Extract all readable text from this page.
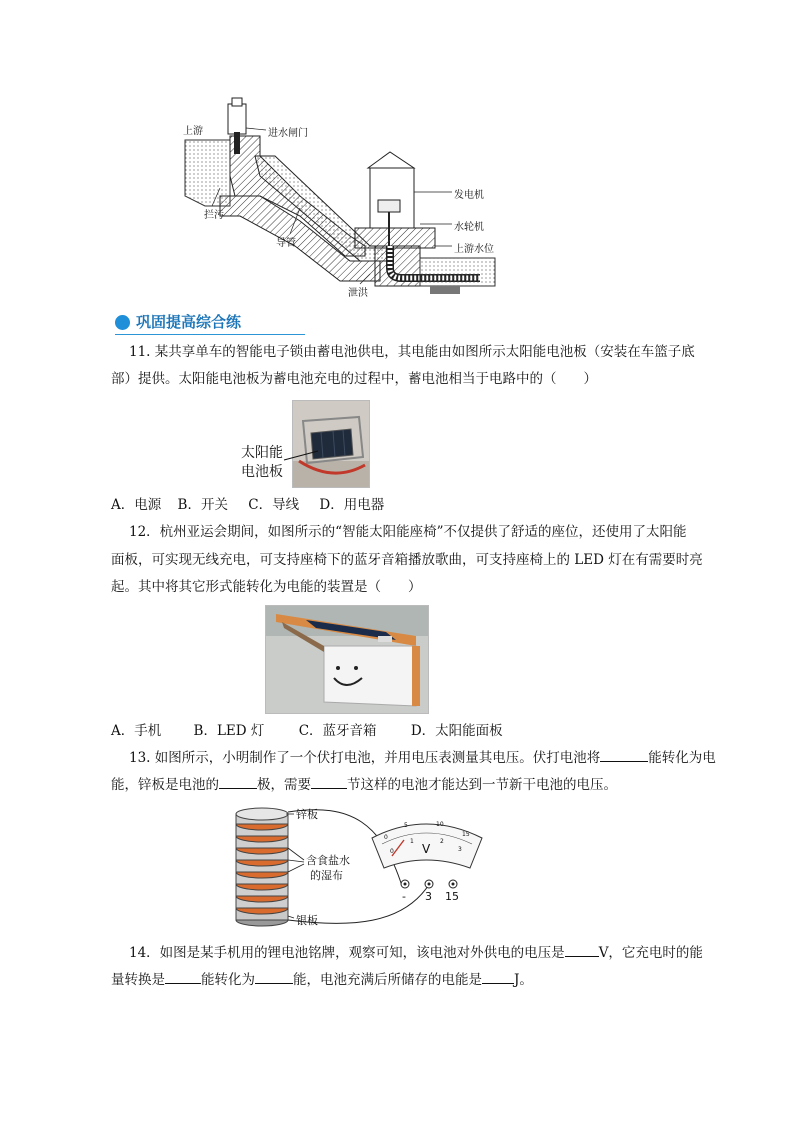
上游	进水闸门
拦污
导管
发电机
水轮机
上游水位
泄洪
巩固提高综合练
11. 某共享单车的智能电子锁由蓄电池供电，其电能由如图所示太阳能电池板（安装在车篮子底
部）提供。太阳能电池板为蓄电池充电的过程中，蓄电池相当于电路中的（　　）
太阳能
电池板
A．电源 B．开关 C．导线 D．用电器
12．杭州亚运会期间，如图所示的“智能太阳能座椅”不仅提供了舒适的座位，还使用了太阳能
面板，可实现无线充电，可支持座椅下的蓝牙音箱播放歌曲，可支持座椅上的 LED 灯在有需要时亮
起。其中将其它形式能转化为电能的装置是（　　）
A．手机 B．LED 灯	C．蓝牙音箱	D．太阳能面板
13. 如图所示，小明制作了一个伏打电池，并用电压表测量其电压。伏打电池将	能转化为电
能，锌板是电池的	极，需要	节这样的电池才能达到一节新干电池的电压。
锌板
含食盐水
的湿布
银板
V
0
5	10
15
0
1	2
3
- 3 15
14．如图是某手机用的锂电池铭牌，观察可知，该电池对外供电的电压是	V，它充电时的能
量转换是	能转化为	能，电池充满后所储存的电能是 J。
